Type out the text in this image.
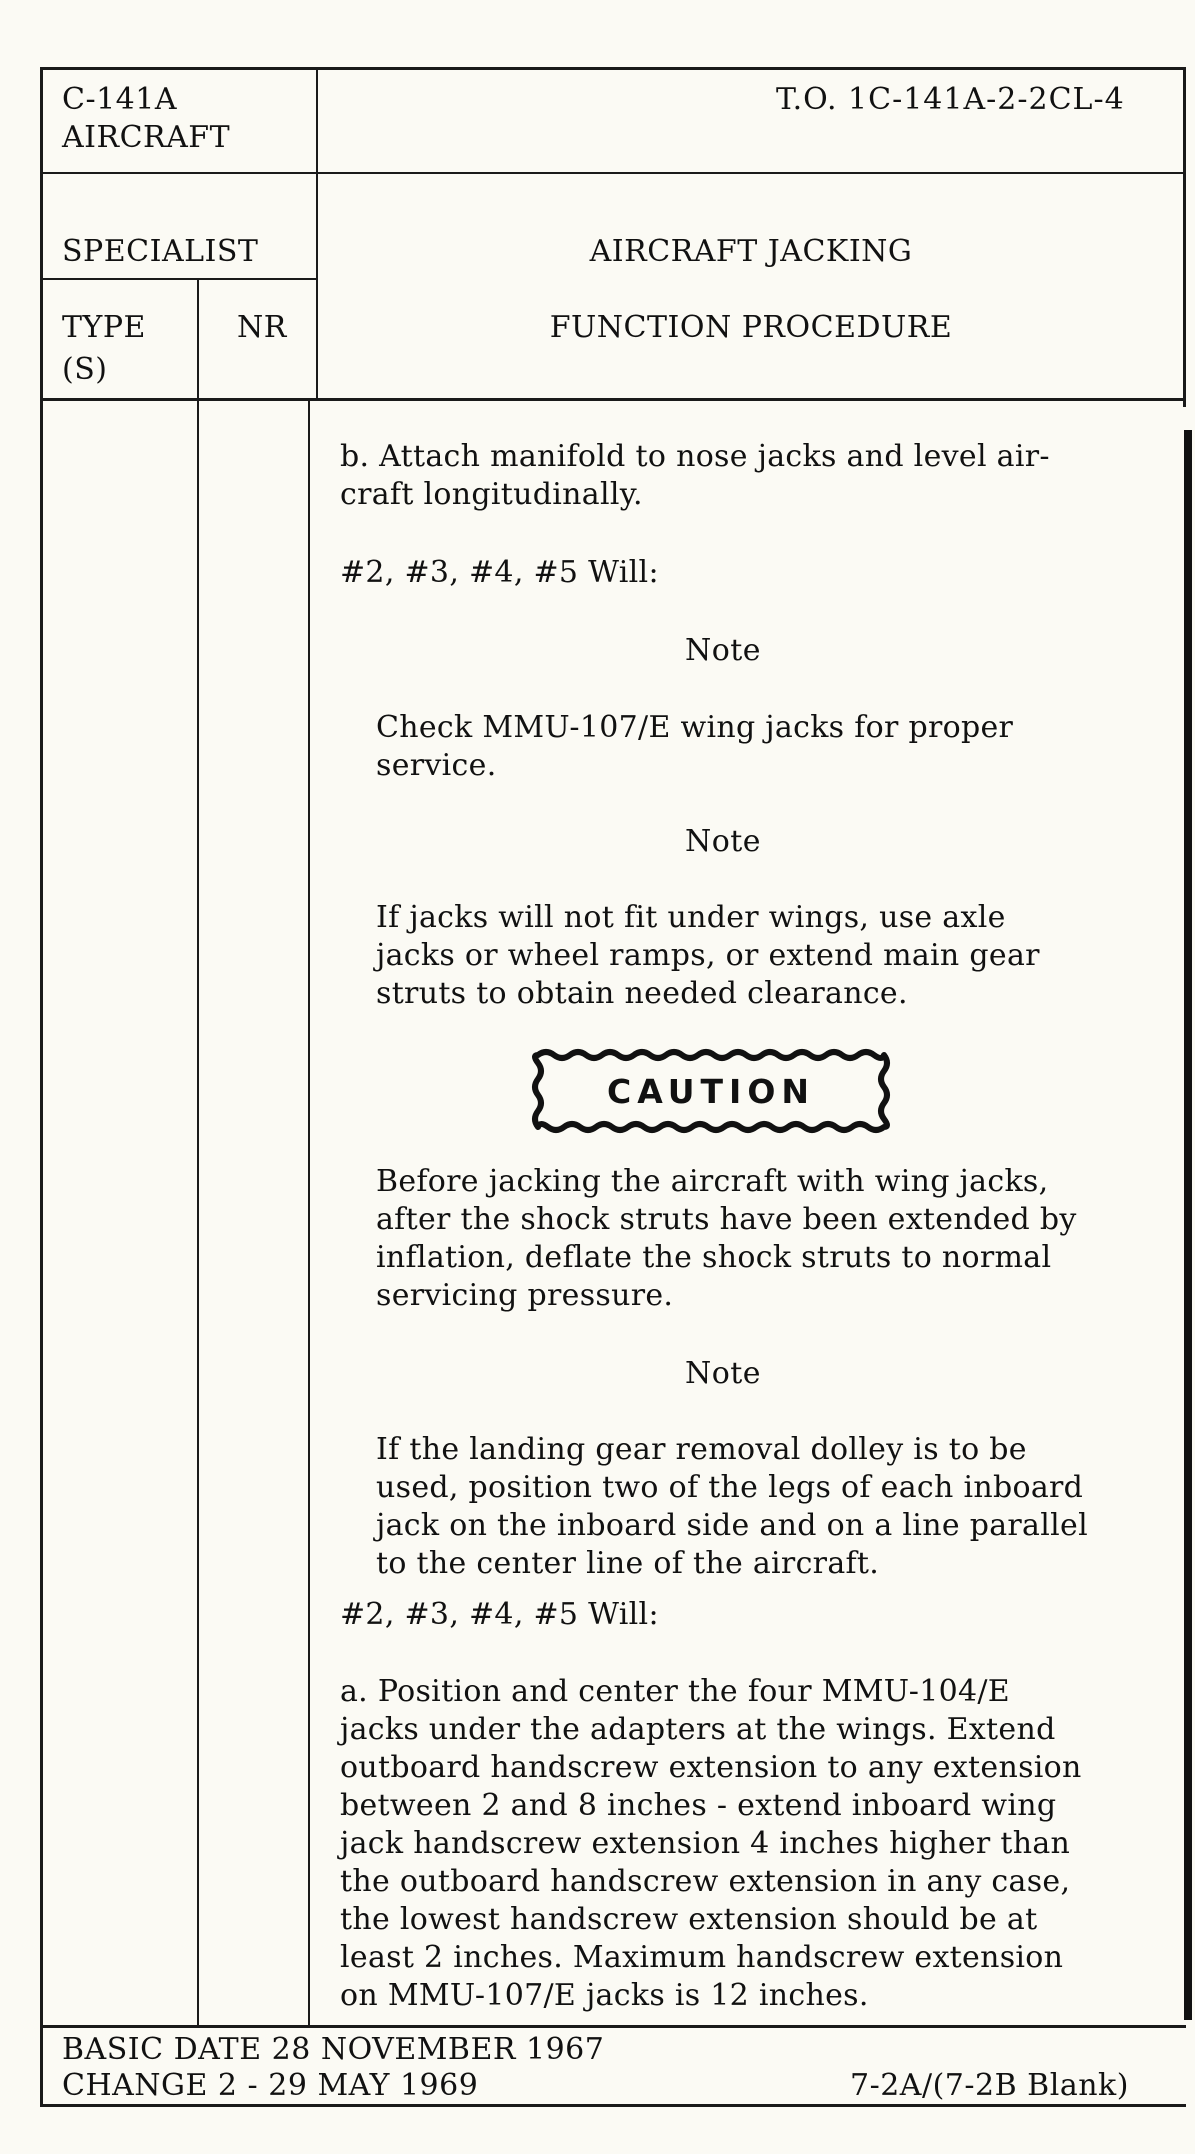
C-141A
AIRCRAFT
T.O. 1C-141A-2-2CL-4
SPECIALIST	AIRCRAFT JACKING
TYPE
(S)
NR	FUNCTION PROCEDURE
b. Attach manifold to nose jacks and level air-
craft longitudinally.
#2, #3, #4, #5 Will:
Note
Check MMU-107/E wing jacks for proper
service.
Note
If jacks will not fit under wings, use axle
jacks or wheel ramps, or extend main gear
struts to obtain needed clearance.
CAUTION
Before jacking the aircraft with wing jacks,
after the shock struts have been extended by
inflation, deflate the shock struts to normal
servicing pressure.
Note
If the landing gear removal dolley is to be
used, position two of the legs of each inboard
jack on the inboard side and on a line parallel
to the center line of the aircraft.
#2, #3, #4, #5 Will:
a. Position and center the four MMU-104/E
jacks under the adapters at the wings. Extend
outboard handscrew extension to any extension
between 2 and 8 inches - extend inboard wing
jack handscrew extension 4 inches higher than
the outboard handscrew extension in any case,
the lowest handscrew extension should be at
least 2 inches. Maximum handscrew extension
on MMU-107/E jacks is 12 inches.
BASIC DATE 28 NOVEMBER 1967
CHANGE 2 - 29 MAY 1969	7-2A/(7-2B Blank)
